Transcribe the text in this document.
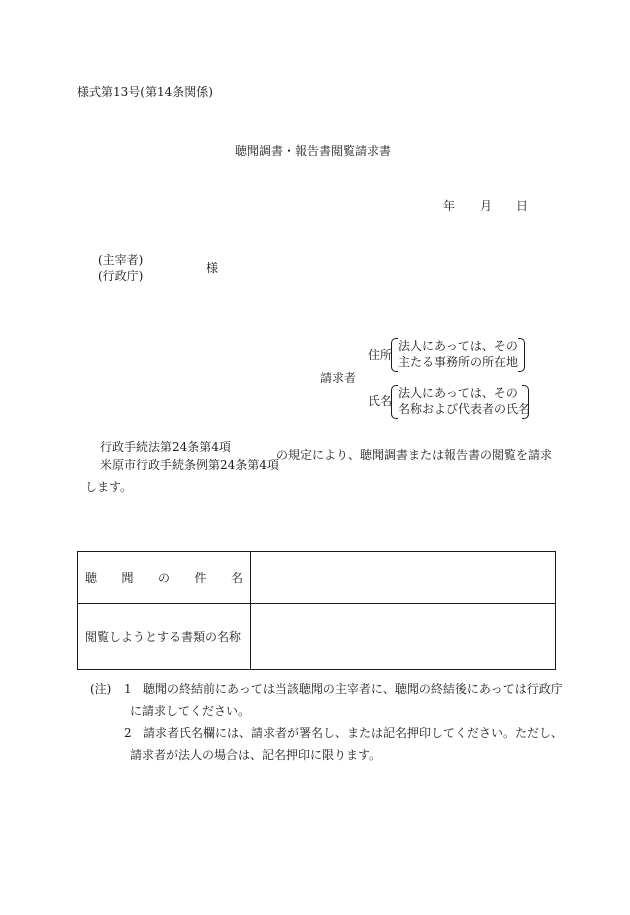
様式第13号(第14条関係)
聴聞調書・報告書閲覧請求書
年 月 日
(主宰者)
(行政庁)
様
請求者
住所
法人にあっては、その
主たる事務所の所在地
氏名
法人にあっては、その
名称および代表者の氏名
行政手続法第24条第4項
米原市行政手続条例第24条第4項
の規定により、聴聞調書または報告書の閲覧を請求
します。
聴 聞 の 件 名	

閲覧しようとする書類の名称	
(注) 1 聴聞の終結前にあっては当該聴聞の主宰者に、聴聞の終結後にあっては行政庁
に請求してください。
2 請求者氏名欄には、請求者が署名し、または記名押印してください。ただし、
請求者が法人の場合は、記名押印に限ります。
